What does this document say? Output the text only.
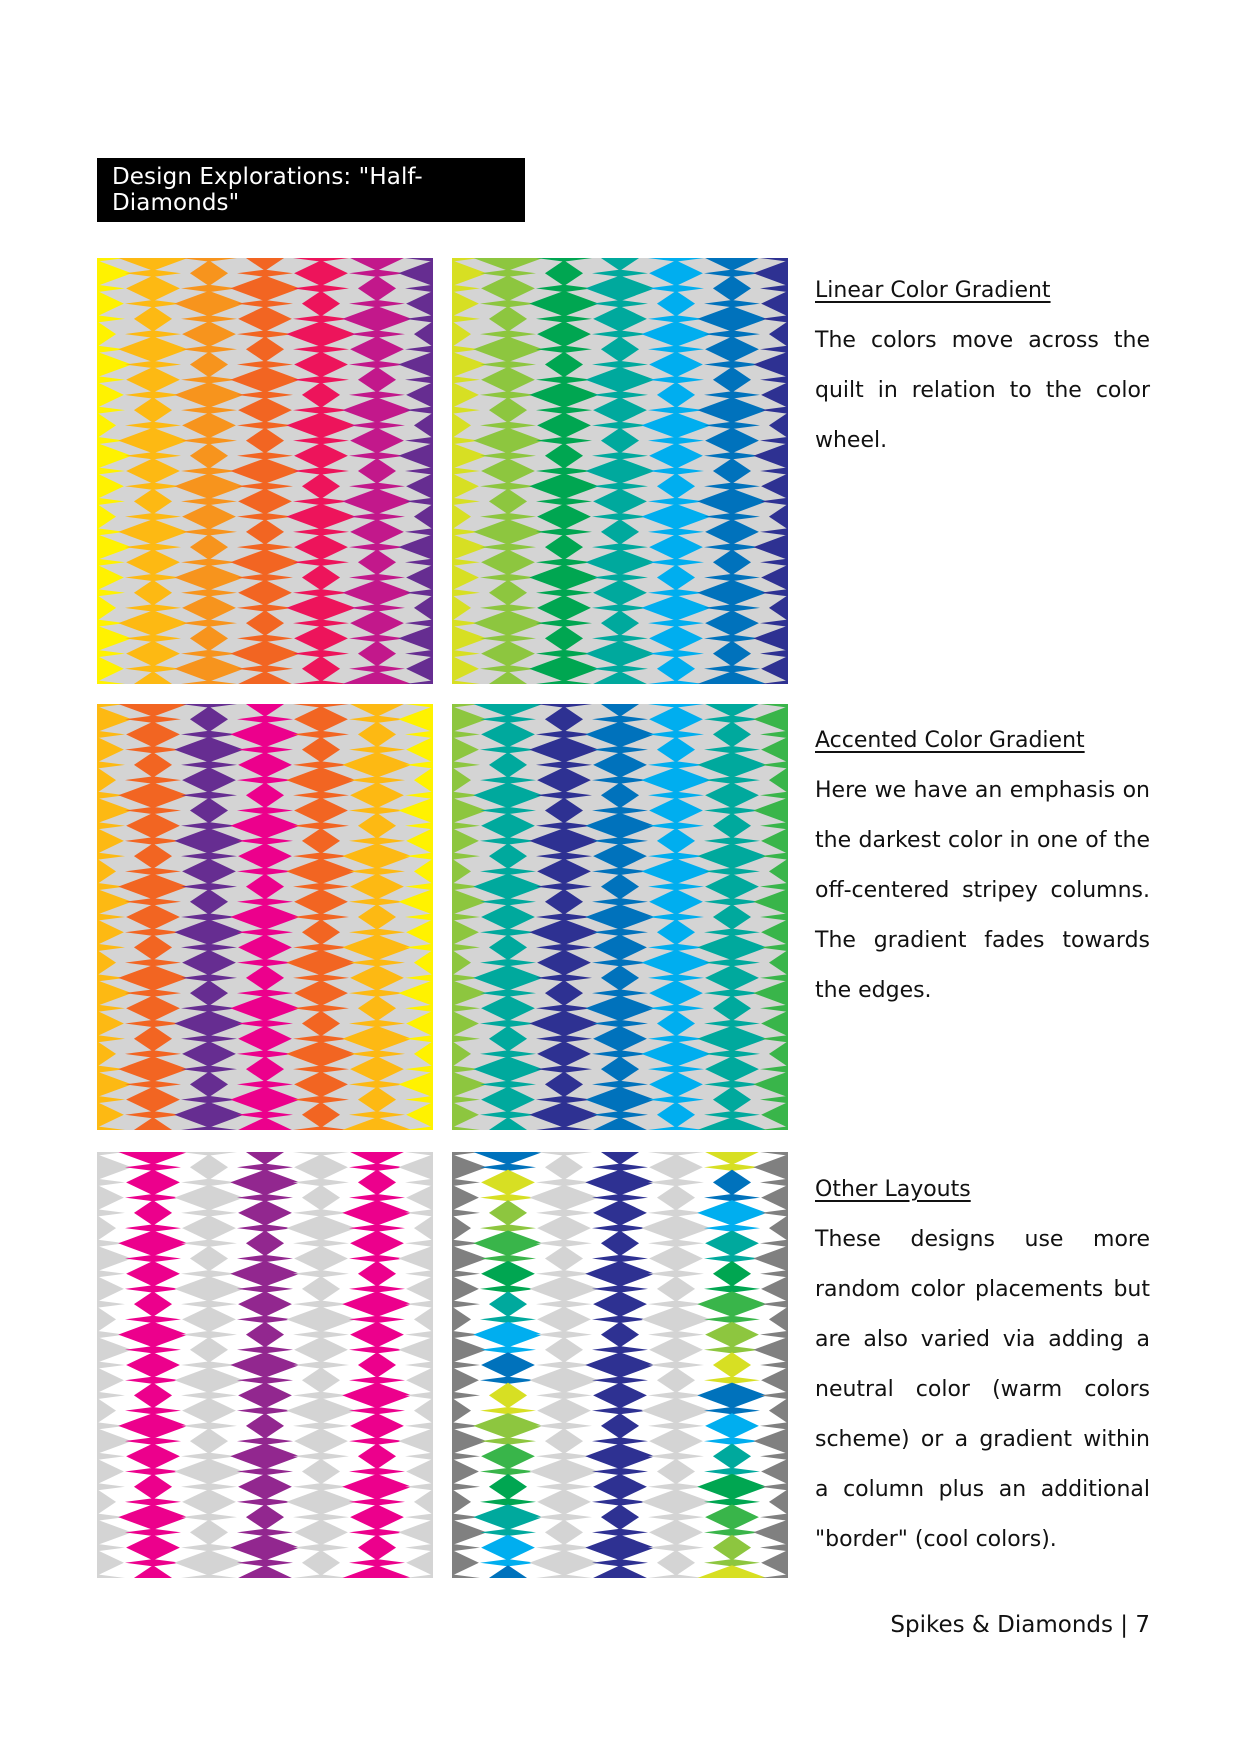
Design Explorations: "Half-Diamonds"
Linear Color Gradient
The colors move across the quilt in relation to the color wheel.
Accented Color Gradient
Here we have an emphasis on the darkest color in one of the off-centered stripey columns. The gradient fades towards the edges.
Other Layouts
These designs use more random color placements but are also varied via adding a neutral color (warm colors scheme) or a gradient within a column plus an additional "border" (cool colors).
Spikes & Diamonds | 7
